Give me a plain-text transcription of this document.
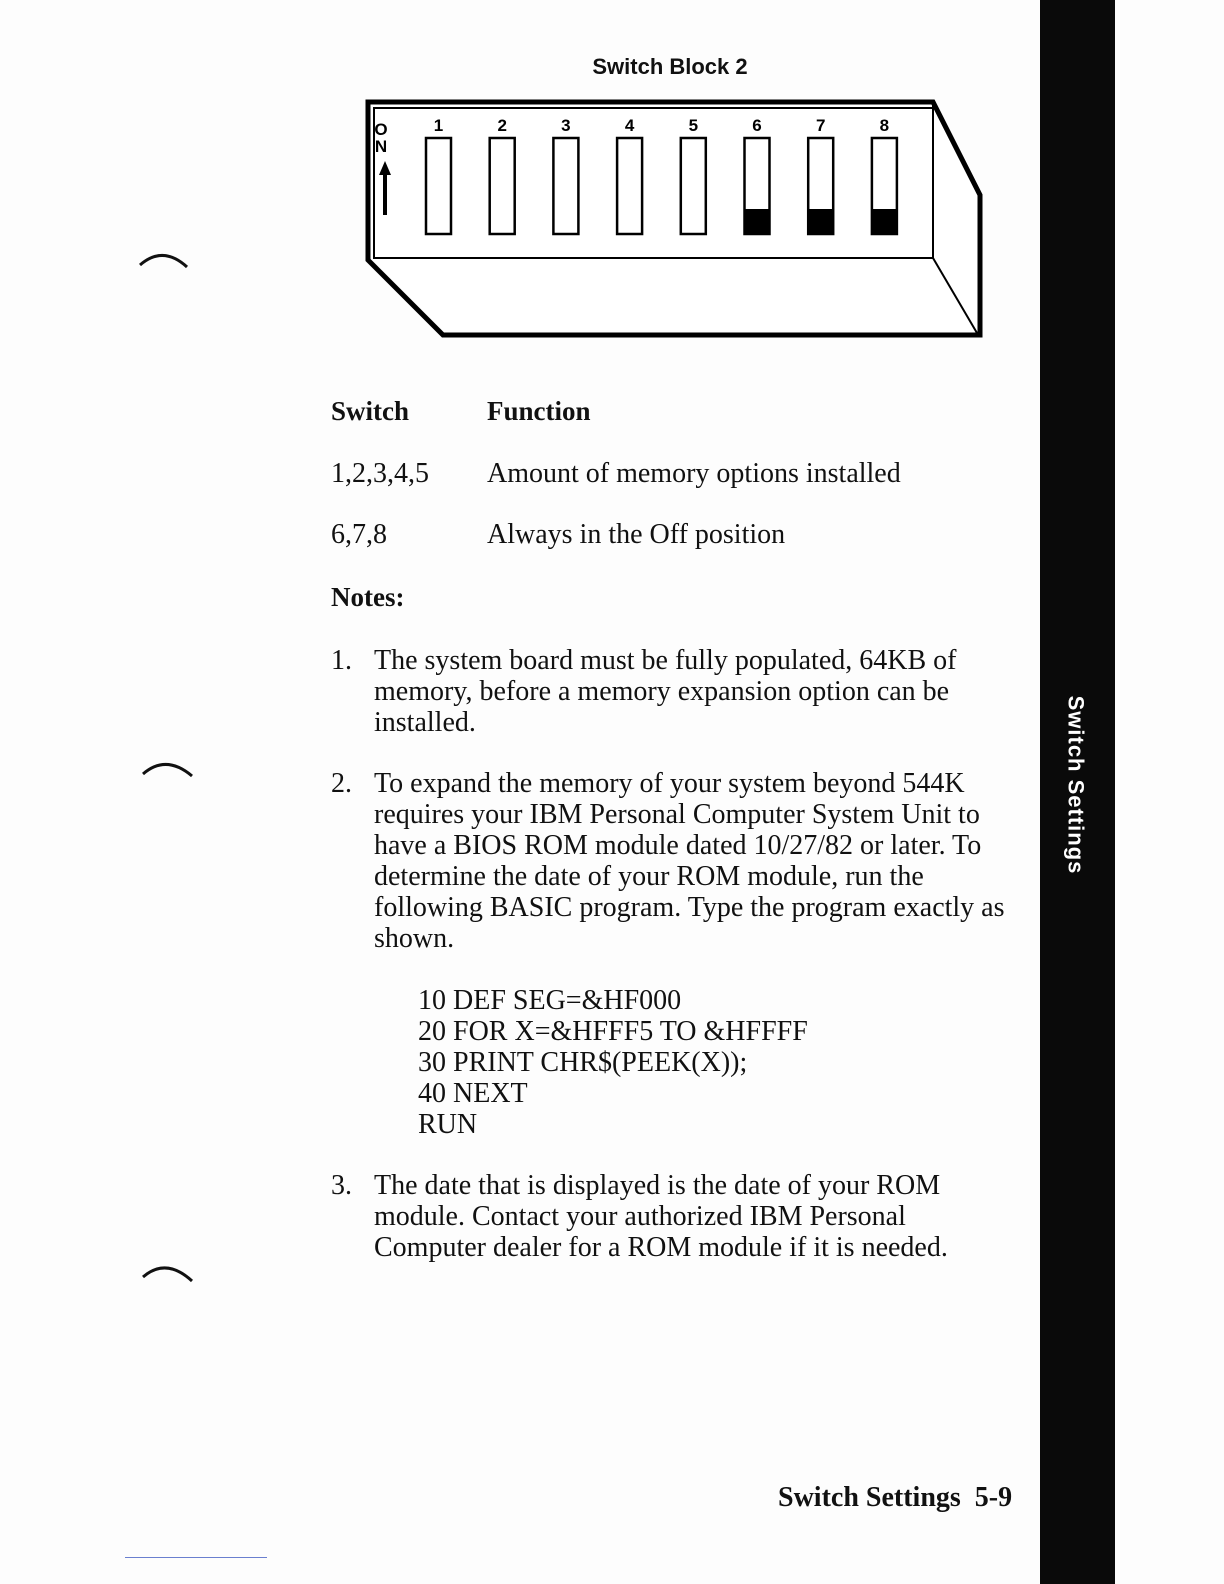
Switch Settings
Switch Block 2
O
N
1	2	3	4	5	6	7	8
Switch	Function
1,2,3,4,5 Amount of memory options installed
6,7,8	Always in the Off position
Notes:
1. The system board must be fully populated, 64KB of memory, before a memory expansion option can be installed.
2. To expand the memory of your system beyond 544K requires your IBM Personal Computer System Unit to have a BIOS ROM module dated 10/27/82 or later. To determine the date of your ROM module, run the following BASIC program. Type the program exactly as shown.
10 DEF SEG=&HF000
20 FOR X=&HFFF5 TO &HFFFF
30 PRINT CHR$(PEEK(X));
40 NEXT
RUN
3. The date that is displayed is the date of your ROM module. Contact your authorized IBM Personal Computer dealer for a ROM module if it is needed.
Switch Settings 5-9
